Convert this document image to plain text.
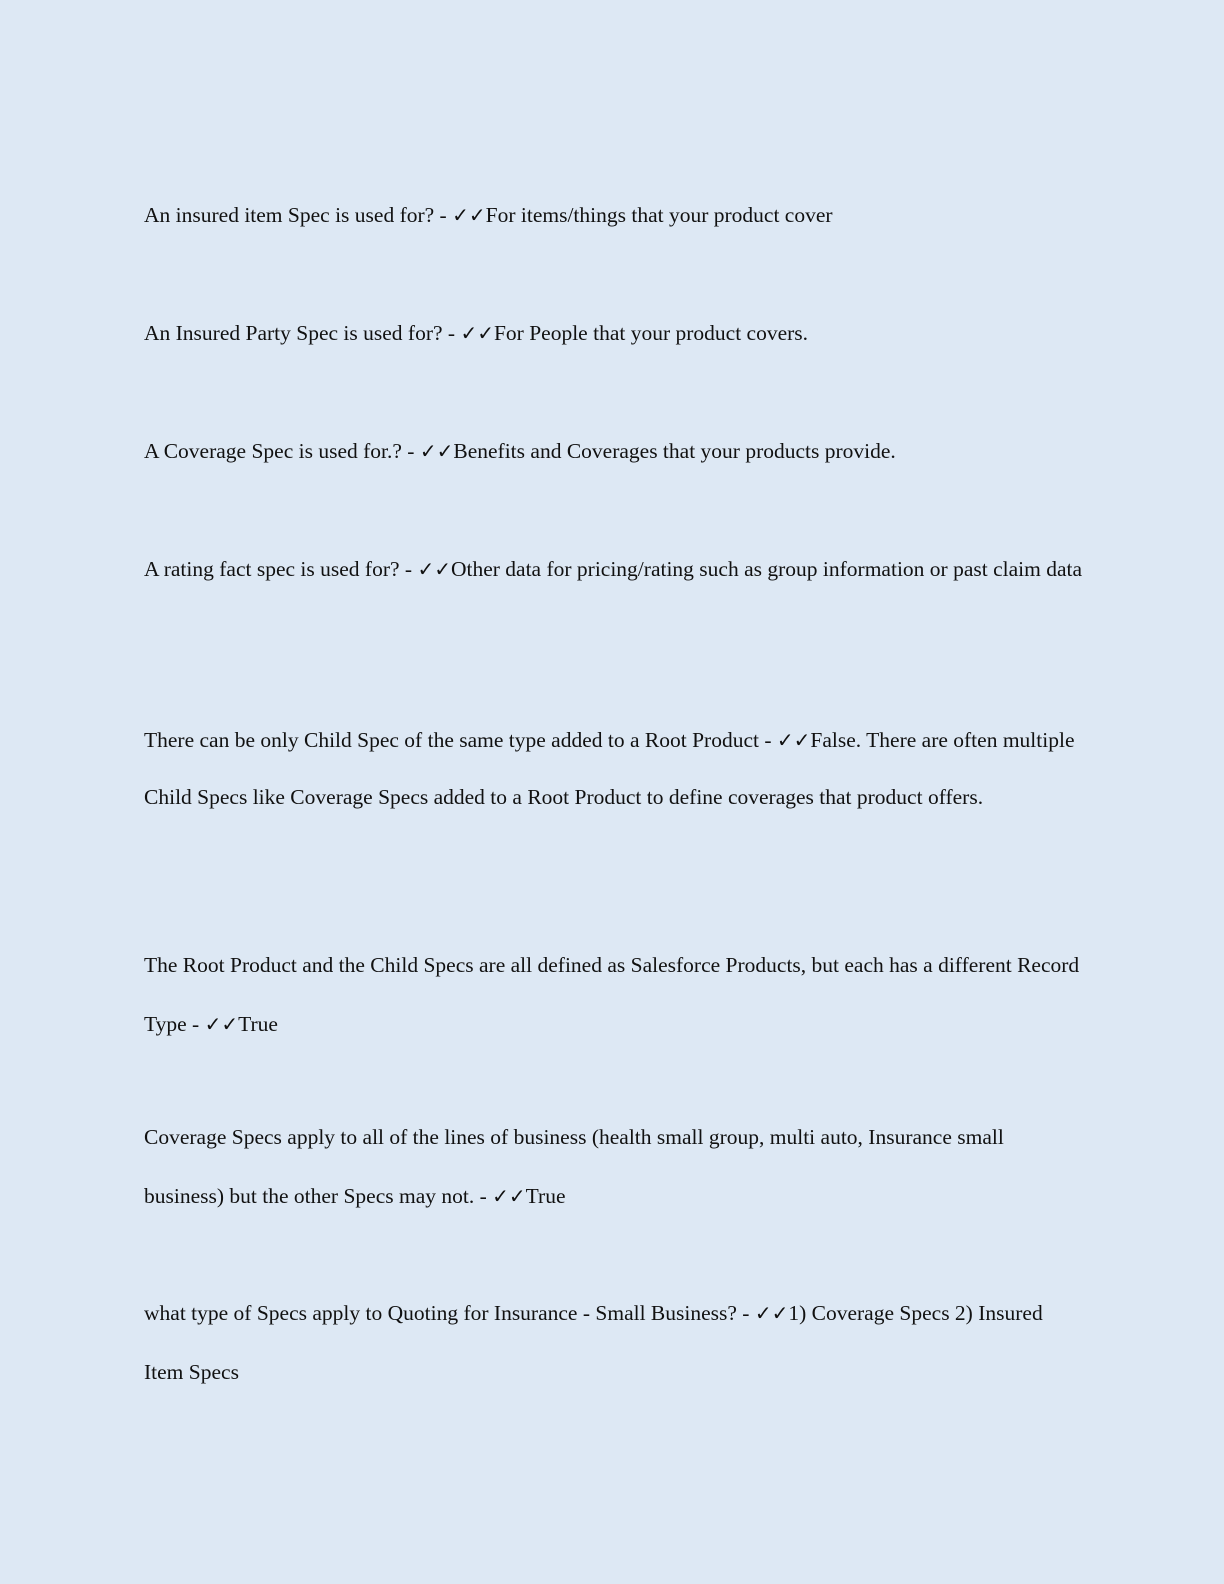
An insured item Spec is used for? - ✓✓For items/things that your product cover

An Insured Party Spec is used for? - ✓✓For People that your product covers.

A Coverage Spec is used for.? - ✓✓Benefits and Coverages that your products provide.

A rating fact spec is used for? - ✓✓Other data for pricing/rating such as group information or past claim data

There can be only Child Spec of the same type added to a Root Product - ✓✓False. There are often multiple Child Specs like Coverage Specs added to a Root Product to define coverages that product offers.

The Root Product and the Child Specs are all defined as Salesforce Products, but each has a different Record Type - ✓✓True

Coverage Specs apply to all of the lines of business (health small group, multi auto, Insurance small business) but the other Specs may not. - ✓✓True

what type of Specs apply to Quoting for Insurance - Small Business? - ✓✓1) Coverage Specs 2) Insured Item Specs
